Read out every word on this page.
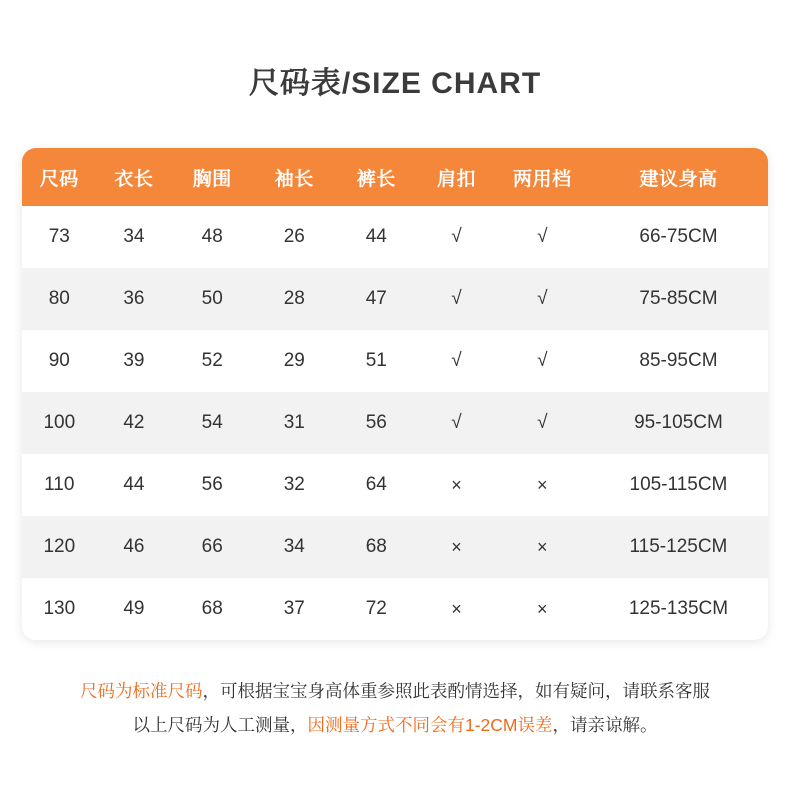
尺码表/SIZE CHART
尺码	衣长	胸围	袖长	裤长	肩扣	两用档	建议身高
73	34	48	26	44	√	√	66-75CM
80	36	50	28	47	√	√	75-85CM
90	39	52	29	51	√	√	85-95CM
100	42	54	31	56	√	√	95-105CM
110	44	56	32	64	×	×	105-115CM
120	46	66	34	68	×	×	115-125CM
130	49	68	37	72	×	×	125-135CM
尺码为标准尺码，可根据宝宝身高体重参照此表酌情选择，如有疑问，请联系客服
以上尺码为人工测量，因测量方式不同会有1-2CM误差，请亲谅解。
